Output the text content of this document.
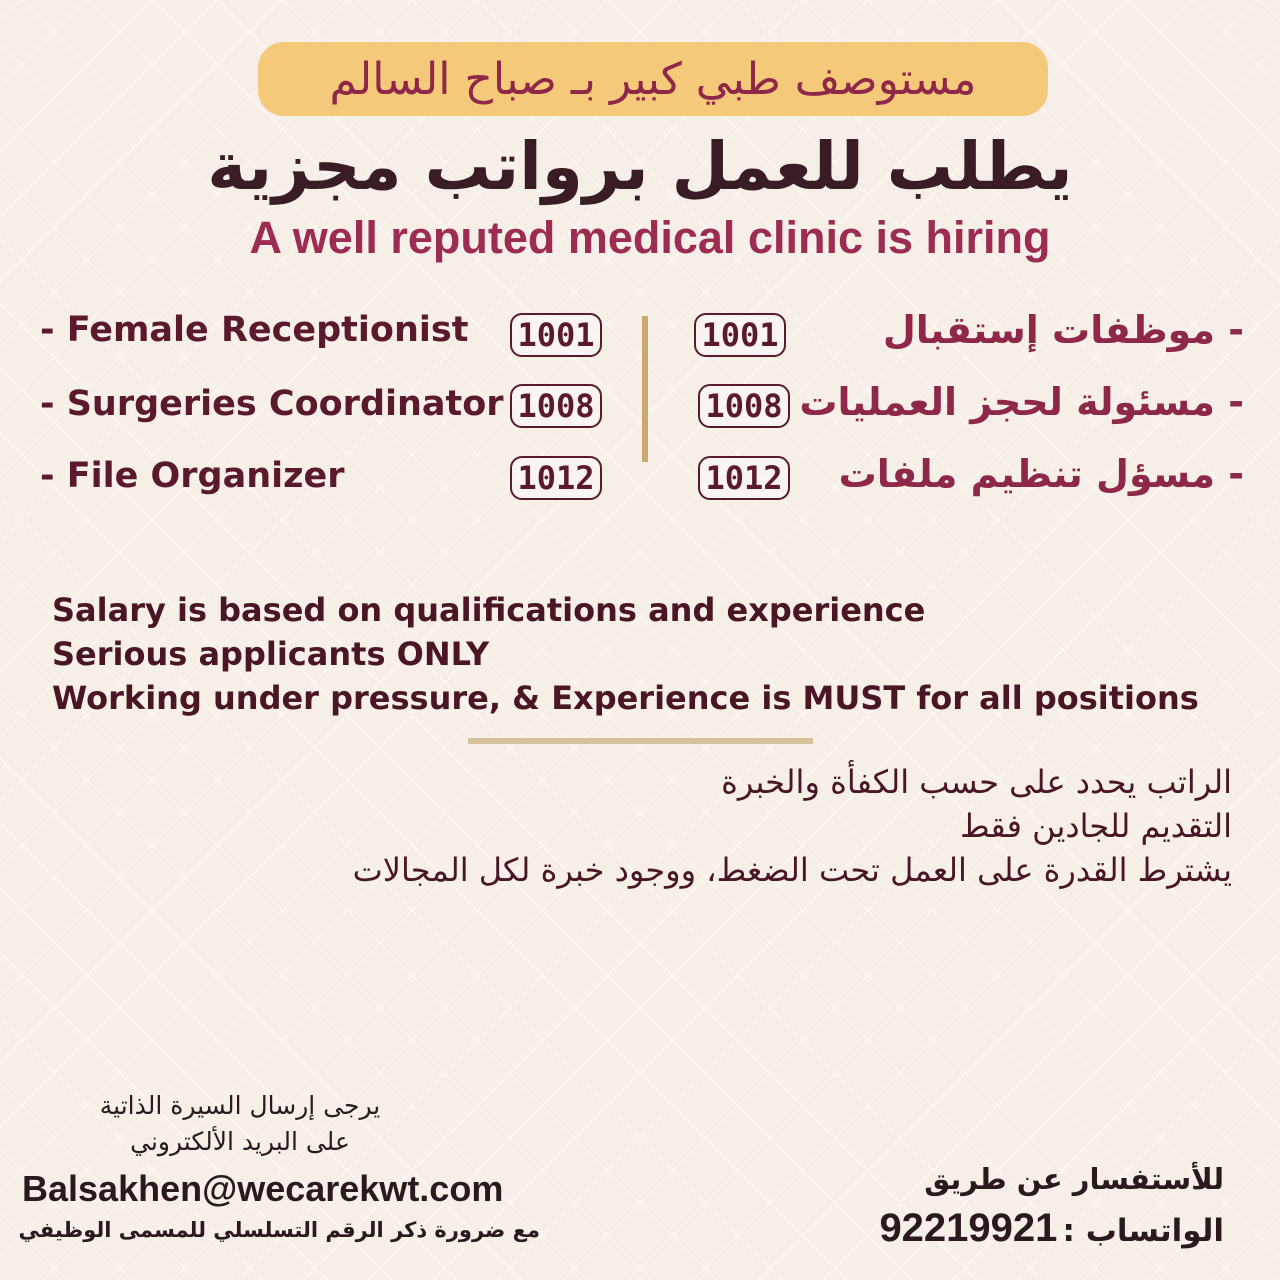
مستوصف طبي كبير بـ صباح السالم
يطلب للعمل برواتب مجزية
A well reputed medical clinic is hiring
- Female Receptionist
- Surgeries Coordinator
- File Organizer
1001
1008
1012
1001
1008
1012
- موظفات إستقبال
- مسئولة لحجز العمليات
- مسؤل تنظيم ملفات
Salary is based on qualifications and experience
Serious applicants ONLY
Working under pressure, & Experience is MUST for all positions
الراتب يحدد على حسب الكفأة والخبرة
التقديم للجادين فقط
يشترط القدرة على العمل تحت الضغط، ووجود خبرة لكل المجالات
يرجى إرسال السيرة الذاتية
على البريد الألكتروني
Balsakhen@wecarekwt.com
مع ضرورة ذكر الرقم التسلسلي للمسمى الوظيفي
للأستفسار عن طريق
الواتساب : 92219921
